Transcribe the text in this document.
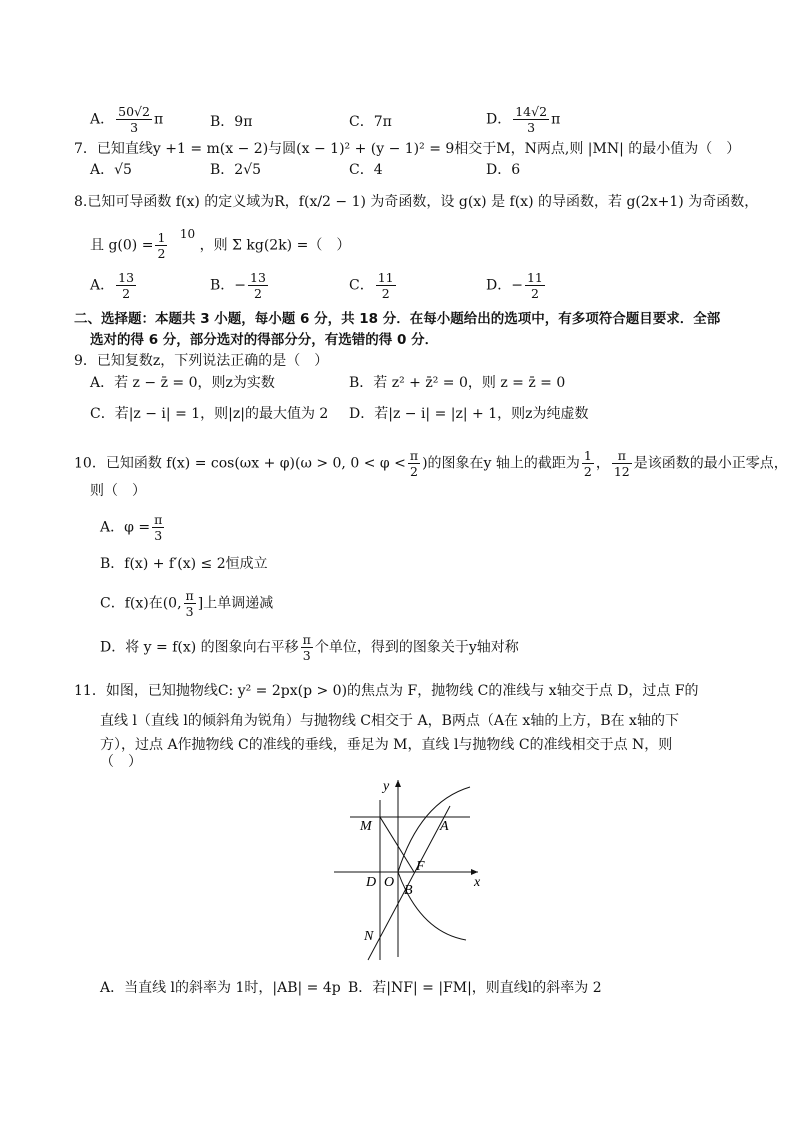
A． $\frac{50√2}{3}$ π	B．9π	C．7π	D． $\frac{14√2}{3}$ π
7．已知直线y +1 = m(x − 2)与圆(x − 1)² + (y − 1)² = 9相交于M，N两点,则 |MN| 的最小值为（　）
A．√5	B．2√5	C．4	D．6
8.已知可导函数 f(x) 的定义域为R，f(x/2 − 1) 为奇函数，设 g(x) 是 f(x) 的导函数，若 g(2x+1) 为奇函数，
且 $g(0) = \frac{1}{2} 10$ ，则 Σ kg(2k) =（　）
A． $\frac{13}{2}$	B．− $\frac{13}{2}$	C． $\frac{11}{2}$	D．− $\frac{11}{2}$
二、选择题：本题共 3 小题，每小题 6 分，共 18 分．在每小题给出的选项中，有多项符合题目要求．全部
选对的得 6 分，部分选对的得部分分，有选错的得 0 分．
9．已知复数z，下列说法正确的是（　）
A．若 z − z̄ = 0，则z为实数	B．若 z² + z̄² = 0，则 z = z̄ = 0
C．若|z − i| = 1，则|z|的最大值为 2 D．若|z − i| = |z| + 1，则z为纯虚数
10．已知函数 f(x) = cos(ωx + φ)(ω > 0, $0 < \varphi < \frac{\pi}{2}$ )的图象在y 轴上的截距为 $\frac{1}{2}$ ， $\frac{\pi}{12}$ 是该函数的最小正零点，
则（　）
A．$\varphi = \frac{\pi}{3}$
B．f(x) + f′(x) ≤ 2恒成立
C．f(x)在(0, $\frac{\pi}{3}$ ]上单调递减
D．将 y = f(x) 的图象向右平移 $\frac{\pi}{3}$ 个单位，得到的图象关于y轴对称
11．如图，已知抛物线C: y² = 2px(p > 0)的焦点为 F，抛物线 C的准线与 x轴交于点 D，过点 F的
直线 l（直线 l的倾斜角为锐角）与抛物线 C相交于 A，B两点（A在 x轴的上方，B在 x轴的下
方），过点 A作抛物线 C的准线的垂线，垂足为 M，直线 l与抛物线 C的准线相交于点 N，则
（　）
y
x
M	A
F
D O
B
N
A．当直线 l的斜率为 1时，|AB| = 4p B．若|NF| = |FM|，则直线l的斜率为 2
